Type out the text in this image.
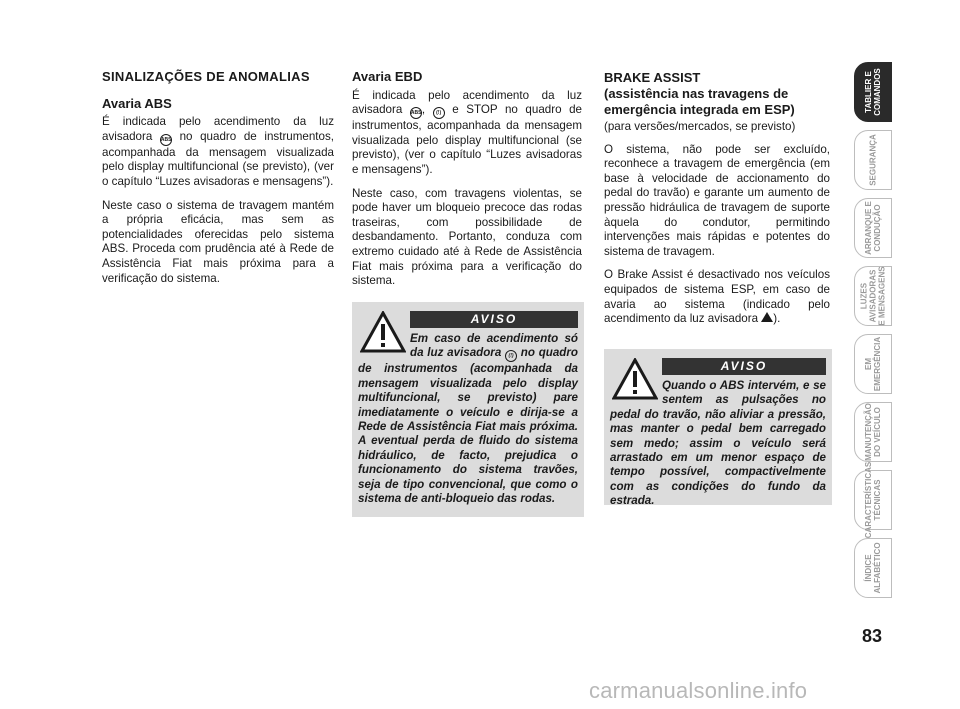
SINALIZAÇÕES DE ANOMALIAS
Avaria ABS

É indicada pelo acendimento da luz avisadora ABS no quadro de instrumentos, acompanhada da mensagem visualizada pelo display multifuncional (se previsto), (ver o capítulo “Luzes avisadoras e mensagens”).

Neste caso o sistema de travagem mantém a própria eficácia, mas sem as potencialidades oferecidas pelo sistema ABS. Proceda com prudência até à Rede de Assistência Fiat mais próxima para a verificação do sistema.

Avaria EBD

É indicada pelo acendimento da luz avisadora ABS, (!) e STOP no quadro de instrumentos, acompanhada da mensagem visualizada pelo display multifuncional (se previsto), (ver o capítulo “Luzes avisadoras e mensagens”).

Neste caso, com travagens violentas, se pode haver um bloqueio precoce das rodas traseiras, com possibilidade de desbandamento. Portanto, conduza com extremo cuidado até à Rede de Assistência Fiat mais próxima para a verificação do sistema.

BRAKE ASSIST
(assistência nas travagens de
emergência integrada em ESP)
(para versões/mercados, se previsto)

O sistema, não pode ser excluído, reconhece a travagem de emergência (em base à velocidade de accionamento do pedal do travão) e garante um aumento de pressão hidráulica de travagem de suporte àquela do condutor, permitindo intervenções mais rápidas e potentes do sistema de travagem.

O Brake Assist é desactivado nos veículos equipados de sistema ESP, em caso de avaria ao sistema (indicado pelo acendimento da luz avisadora ).

AVISO
Em caso de acendimento só da luz avisadora (!) no quadro de instrumentos (acompanhada da mensagem visualizada pelo display multifuncional, se previsto) pare imediatamente o veículo e dirija-se a Rede de Assistência Fiat mais próxima. A eventual perda de fluido do sistema hidráulico, de facto, prejudica o funcionamento do sistema travões, seja de tipo convencional, que como o sistema de anti-bloqueio das rodas.
AVISO
Quando o ABS intervém, e se sentem as pulsações no pedal do travão, não aliviar a pressão, mas manter o pedal bem carregado sem medo; assim o veículo será arrastado em um menor espaço de tempo possível, compactivelmente com as condições do fundo da estrada.
TABLIER E
COMANDOS
SEGURANÇA
ARRANQUE E
CONDUÇÃO
LUZES
AVISADORAS
E MENSAGENS
EM
EMERGÊNCIA
MANUTENÇÃO
DO VEÍCULO
CARACTERÍSTICAS
TÉCNICAS
ÍNDICE
ALFABÉTICO
83
carmanualsonline.info
